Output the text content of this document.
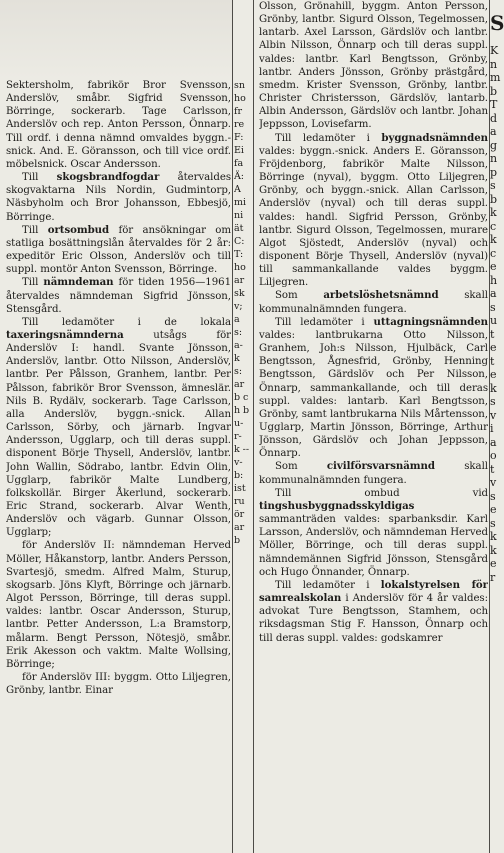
Sektersholm, fabrikör Bror Svensson, Anderslöv, småbr. Sigfrid Svensson, Börringe, sockerarb. Tage Carlsson, Anderslöv och rep. Anton Persson, Önnarp. Till ordf. i denna nämnd omvaldes byggn.-snick. And. E. Göransson, och till vice ordf. möbelsnick. Oscar Andersson.

Till skogsbrandfogdar återvaldes skogvaktarna Nils Nordin, Gudmintorp, Näsbyholm och Bror Johansson, Ebbesjö, Börringe.

Till ortsombud för ansökningar om statliga bosättningslån återvaldes för 2 år: expeditör Eric Olsson, Anderslöv och till suppl. montör Anton Svensson, Börringe.

Till nämndeman för tiden 1956—1961 återvaldes nämndeman Sigfrid Jönsson, Stensgård.

Till ledamöter i de lokala taxeringsnämnderna utsågs för Anderslöv I: handl. Svante Jönsson, Anderslöv, lantbr. Otto Nilsson, Anderslöv, lantbr. Per Pålsson, Granhem, lantbr. Per Pålsson, fabrikör Bror Svensson, ämneslär. Nils B. Rydälv, sockerarb. Tage Carlsson, alla Anderslöv, byggn.-snick. Allan Carlsson, Sörby, och järnarb. Ingvar Andersson, Ugglarp, och till deras suppl. disponent Börje Thysell, Anderslöv, lantbr. John Wallin, Södrabo, lantbr. Edvin Olin, Ugglarp, fabrikör Malte Lundberg, folkskollär. Birger Åkerlund, sockerarb. Eric Strand, sockerarb. Alvar Wenth, Anderslöv och vägarb. Gunnar Olsson, Ugglarp;

för Anderslöv II: nämndeman Herved Möller, Håkanstorp, lantbr. Anders Persson, Svartesjö, smedm. Alfred Malm, Sturup, skogsarb. Jöns Klyft, Börringe och järnarb. Algot Persson, Börringe, till deras suppl. valdes: lantbr. Oscar Andersson, Sturup, lantbr. Petter Andersson, L:a Bramstorp, målarm. Bengt Persson, Nötesjö, småbr. Erik Akesson och vaktm. Malte Wollsing, Börringe;

för Anderslöv III: byggm. Otto Liljegren, Grönby, lantbr. Einar

sn ho fr re F: Ei fa Ä: A mi ni ät C: T: ho ar sk v; a s: a- k s: ar b c h b u- r- k -- v- b: ist ru ör ar b

Olsson, Grönahill, byggm. Anton Persson, Grönby, lantbr. Sigurd Olsson, Tegelmossen, lantarb. Axel Larsson, Gärdslöv och lantbr. Albin Nilsson, Önnarp och till deras suppl. valdes: lantbr. Karl Bengtsson, Grönby, lantbr. Anders Jönsson, Grönby prästgård, smedm. Krister Svensson, Grönby, lantbr. Christer Christersson, Gärdslöv, lantarb. Albin Andersson, Gärdslöv och lantbr. Johan Jeppsson, Lovisefarm.

Till ledamöter i byggnadsnämnden valdes: byggn.-snick. Anders E. Göransson, Fröjdenborg, fabrikör Malte Nilsson, Börringe (nyval), byggm. Otto Liljegren, Grönby, och byggn.-snick. Allan Carlsson, Anderslöv (nyval) och till deras suppl. valdes: handl. Sigfrid Persson, Grönby, lantbr. Sigurd Olsson, Tegelmossen, murare Algot Sjöstedt, Anderslöv (nyval) och disponent Börje Thysell, Anderslöv (nyval) till sammankallande valdes byggm. Liljegren.

Som arbetslöshetsnämnd skall kommunalnämnden fungera.

Till ledamöter i uttagningsnämnden valdes: lantbrukarna Otto Nilsson, Granhem, Joh:s Nilsson, Hjulbäck, Carl Bengtsson, Ågnesfrid, Grönby, Henning Bengtsson, Gärdslöv och Per Nilsson, Önnarp, sammankallande, och till deras suppl. valdes: lantarb. Karl Bengtsson, Grönby, samt lantbrukarna Nils Mårtensson, Ugglarp, Martin Jönsson, Börringe, Arthur Jönsson, Gärdslöv och Johan Jeppsson, Önnarp.

Som civilförsvarsnämnd skall kommunalnämnden fungera.

Till ombud vid tingshusbyggnadsskyldigas sammanträden valdes: sparbanksdir. Karl Larsson, Anderslöv, och nämndeman Herved Möller, Börringe, och till deras suppl. nämndemännen Sigfrid Jönsson, Stensgård och Hugo Önnander, Önnarp.

Till ledamöter i lokalstyrelsen för samrealskolan i Anderslöv för 4 år valdes: advokat Ture Bengtsson, Stamhem, och riksdagsman Stig F. Hansson, Önnarp och till deras suppl. valdes: godskamrer

S
K
n
m
b
T
d
a
g
n
p
s
b
k
c
k
c
e
h
a
s
u
t
e
t
e
k
s
v
i
a
o
t
v
s
e
s
k
k
e
r
